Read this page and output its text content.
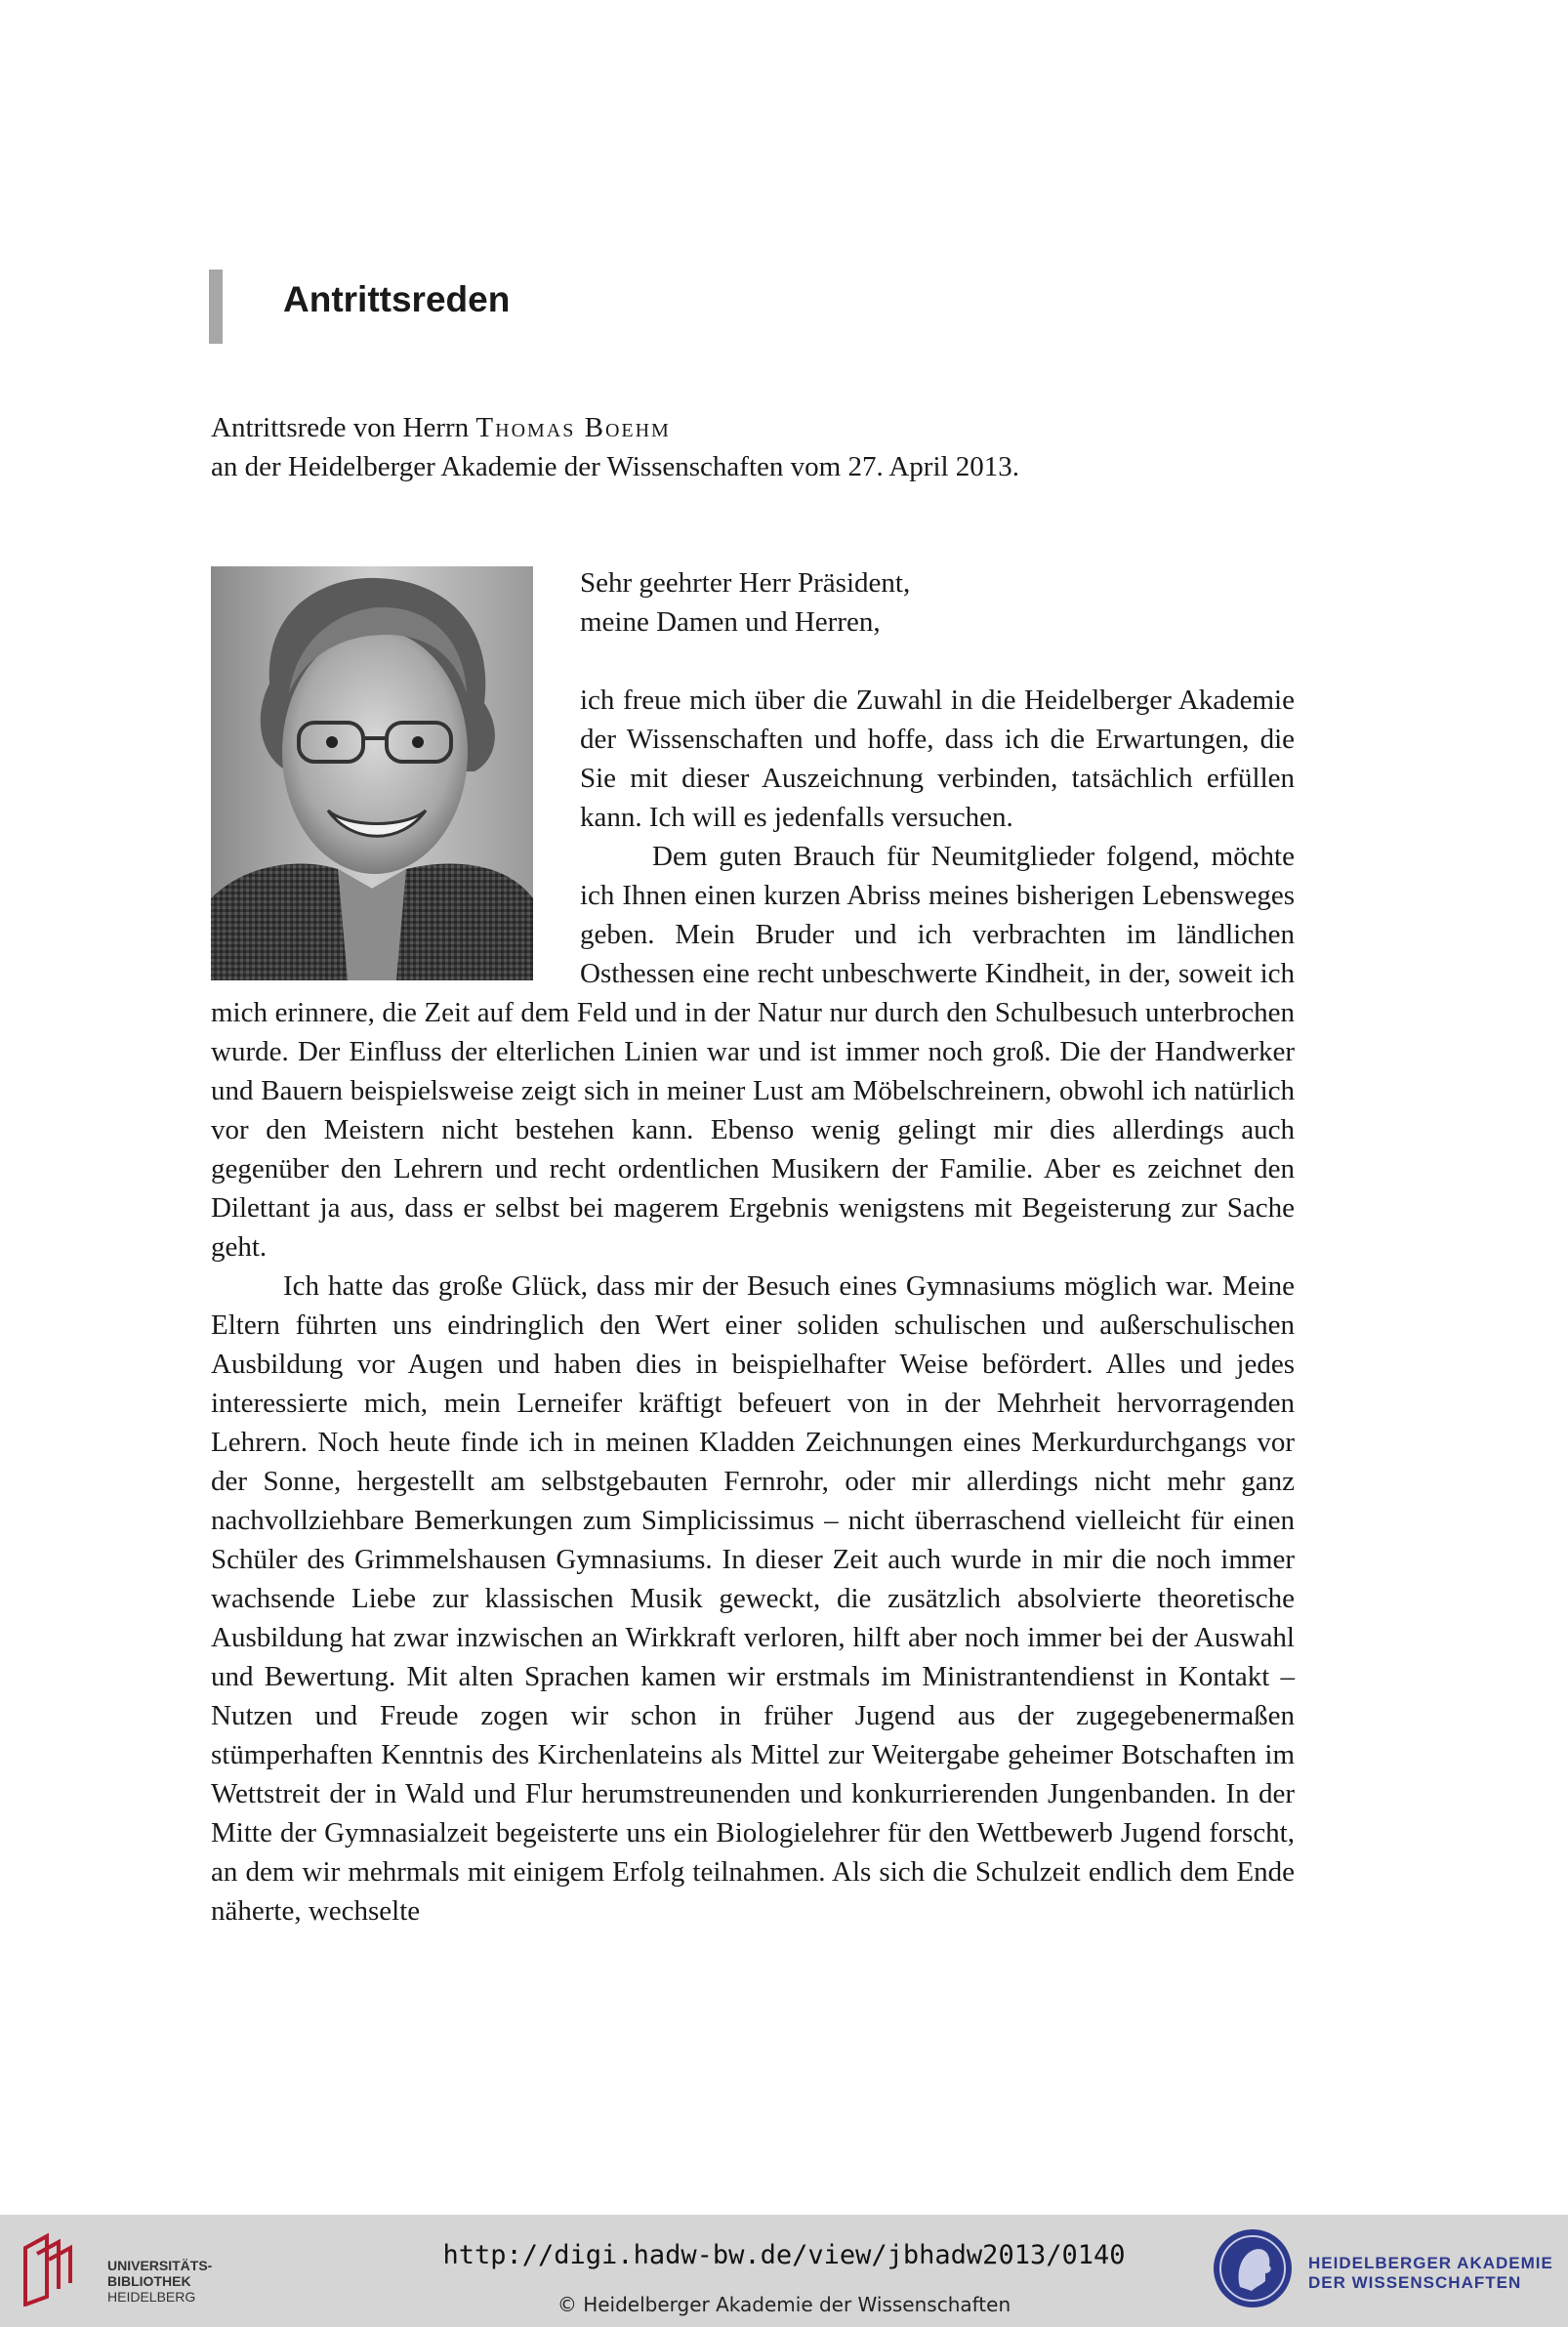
Antrittsreden
Antrittsrede von Herrn Thomas Boehm
an der Heidelberger Akademie der Wissenschaften vom 27. April 2013.

Sehr geehrter Herr Präsident,

meine Damen und Herren,

ich freue mich über die Zuwahl in die Heidelberger Akademie der Wissenschaften und hoffe, dass ich die Erwartungen, die Sie mit dieser Auszeichnung verbinden, tatsächlich erfüllen kann. Ich will es jedenfalls versuchen.

Dem guten Brauch für Neumitglieder folgend, möchte ich Ihnen einen kurzen Abriss meines bisherigen Lebensweges geben. Mein Bruder und ich verbrachten im ländlichen Osthessen eine recht unbeschwerte Kindheit, in der, soweit ich mich erinnere, die Zeit auf dem Feld und in der Natur nur durch den Schulbesuch unterbrochen wurde. Der Einfluss der elterlichen Linien war und ist immer noch groß. Die der Handwerker und Bauern beispielsweise zeigt sich in meiner Lust am Möbelschreinern, obwohl ich natürlich vor den Meistern nicht bestehen kann. Ebenso wenig gelingt mir dies allerdings auch gegenüber den Lehrern und recht ordentlichen Musikern der Familie. Aber es zeichnet den Dilettant ja aus, dass er selbst bei magerem Ergebnis wenigstens mit Begeisterung zur Sache geht.

Ich hatte das große Glück, dass mir der Besuch eines Gymnasiums möglich war. Meine Eltern führten uns eindringlich den Wert einer soliden schulischen und außerschulischen Ausbildung vor Augen und haben dies in beispielhafter Weise befördert. Alles und jedes interessierte mich, mein Lerneifer kräftigt befeuert von in der Mehrheit hervorragenden Lehrern. Noch heute finde ich in meinen Kladden Zeichnungen eines Merkurdurchgangs vor der Sonne, hergestellt am selbstgebauten Fernrohr, oder mir allerdings nicht mehr ganz nachvollziehbare Bemerkungen zum Simplicissimus – nicht überraschend vielleicht für einen Schüler des Grimmelshausen Gymnasiums. In dieser Zeit auch wurde in mir die noch immer wachsende Liebe zur klassischen Musik geweckt, die zusätzlich absolvierte theoretische Ausbildung hat zwar inzwischen an Wirkkraft verloren, hilft aber noch immer bei der Auswahl und Bewertung. Mit alten Sprachen kamen wir erstmals im Ministrantendienst in Kontakt – Nutzen und Freude zogen wir schon in früher Jugend aus der zugegebenermaßen stümperhaften Kenntnis des Kirchenlateins als Mittel zur Weitergabe geheimer Botschaften im Wettstreit der in Wald und Flur herumstreunenden und konkurrierenden Jungenbanden. In der Mitte der Gymnasialzeit begeisterte uns ein Biologielehrer für den Wettbewerb Jugend forscht, an dem wir mehrmals mit einigem Erfolg teilnahmen. Als sich die Schulzeit endlich dem Ende näherte, wechselte

UNIVERSITÄTS-
BIBLIOTHEK
HEIDELBERG
http://digi.hadw-bw.de/view/jbhadw2013/0140
© Heidelberger Akademie der Wissenschaften
HEIDELBERGER AKADEMIE
DER WISSENSCHAFTEN
